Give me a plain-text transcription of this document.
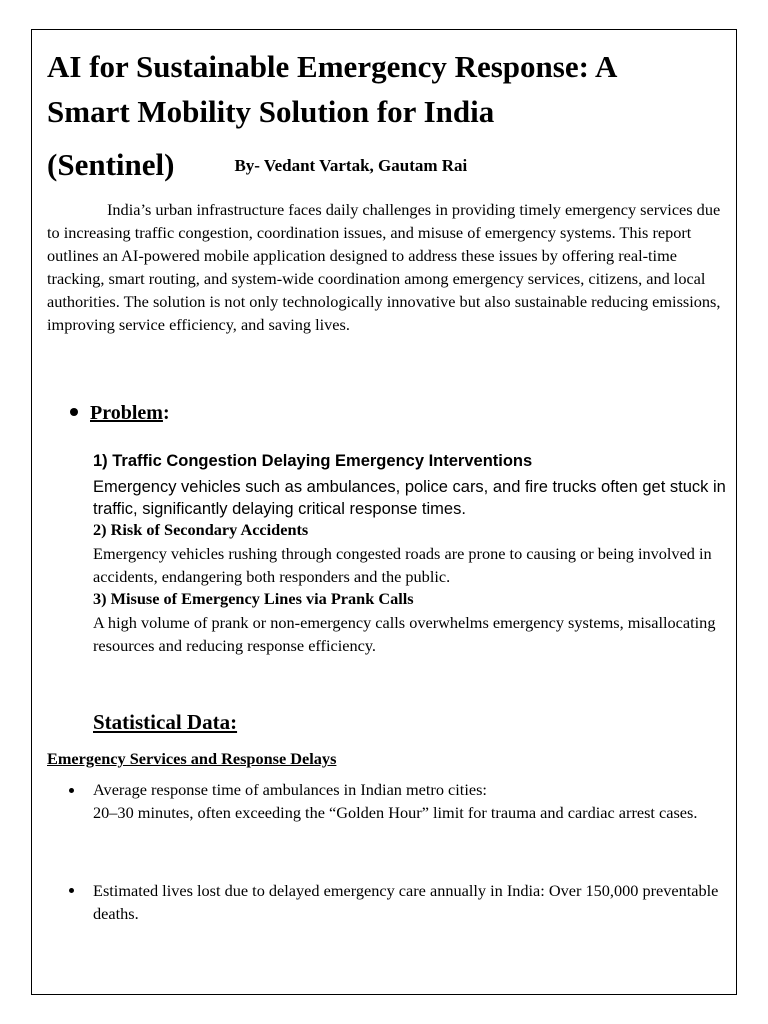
AI for Sustainable Emergency Response: A
Smart Mobility Solution for India
(Sentinel)	By- Vedant Vartak, Gautam Rai

India’s urban infrastructure faces daily challenges in providing timely emergency services due to increasing traffic congestion, coordination issues, and misuse of emergency systems. This report outlines an AI-powered mobile application designed to address these issues by offering real-time tracking, smart routing, and system-wide coordination among emergency services, citizens, and local authorities. The solution is not only technologically innovative but also sustainable reducing emissions, improving service efficiency, and saving lives.

Problem:
1) Traffic Congestion Delaying Emergency Interventions

Emergency vehicles such as ambulances, police cars, and fire trucks often get stuck in traffic, significantly delaying critical response times.

2) Risk of Secondary Accidents

Emergency vehicles rushing through congested roads are prone to causing or being involved in accidents, endangering both responders and the public.

3) Misuse of Emergency Lines via Prank Calls

A high volume of prank or non-emergency calls overwhelms emergency systems, misallocating resources and reducing response efficiency.

Statistical Data:
Emergency Services and Response Delays
Average response time of ambulances in Indian metro cities:
20–30 minutes, often exceeding the “Golden Hour” limit for trauma and cardiac arrest cases.
Estimated lives lost due to delayed emergency care annually in India: Over 150,000 preventable deaths.
